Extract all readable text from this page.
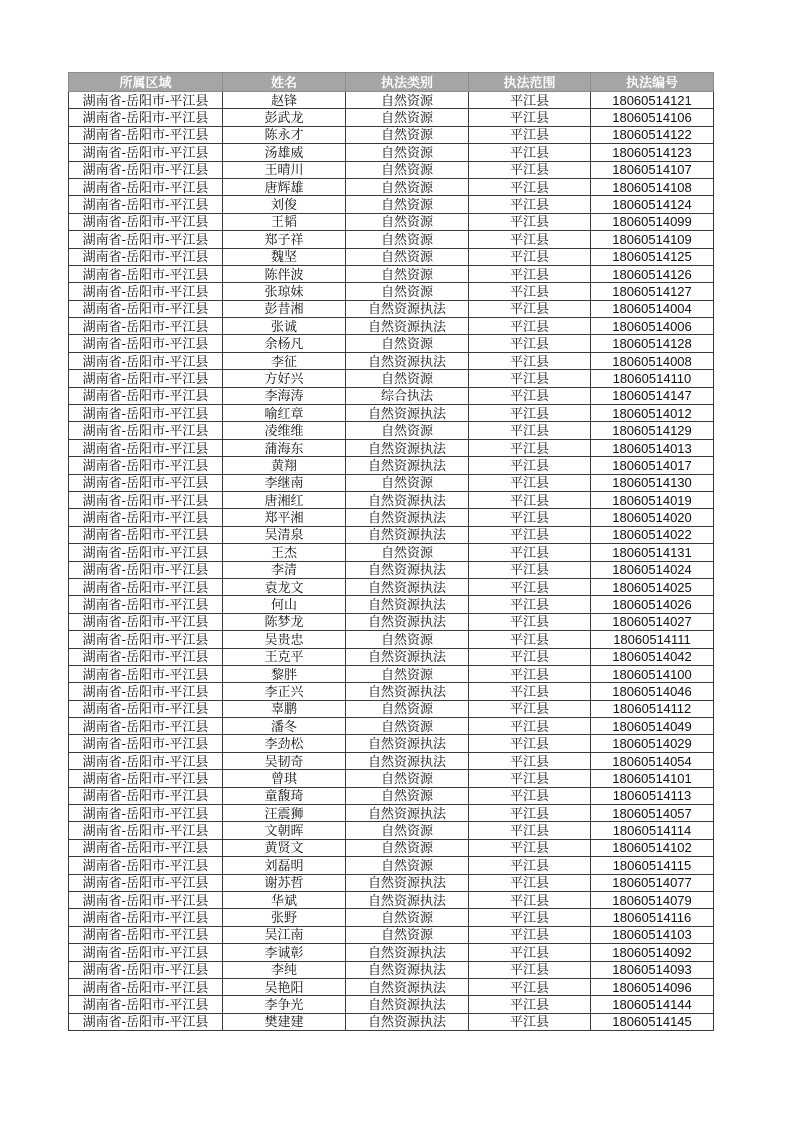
所属区域	姓名	执法类别	执法范围	执法编号
湖南省-岳阳市-平江县	赵锋	自然资源	平江县	18060514121
湖南省-岳阳市-平江县	彭武龙	自然资源	平江县	18060514106
湖南省-岳阳市-平江县	陈永才	自然资源	平江县	18060514122
湖南省-岳阳市-平江县	汤雄威	自然资源	平江县	18060514123
湖南省-岳阳市-平江县	王晴川	自然资源	平江县	18060514107
湖南省-岳阳市-平江县	唐辉雄	自然资源	平江县	18060514108
湖南省-岳阳市-平江县	刘俊	自然资源	平江县	18060514124
湖南省-岳阳市-平江县	王韬	自然资源	平江县	18060514099
湖南省-岳阳市-平江县	郑子祥	自然资源	平江县	18060514109
湖南省-岳阳市-平江县	魏坚	自然资源	平江县	18060514125
湖南省-岳阳市-平江县	陈伴波	自然资源	平江县	18060514126
湖南省-岳阳市-平江县	张琼妹	自然资源	平江县	18060514127
湖南省-岳阳市-平江县	彭昔湘	自然资源执法	平江县	18060514004
湖南省-岳阳市-平江县	张诚	自然资源执法	平江县	18060514006
湖南省-岳阳市-平江县	余杨凡	自然资源	平江县	18060514128
湖南省-岳阳市-平江县	李征	自然资源执法	平江县	18060514008
湖南省-岳阳市-平江县	方好兴	自然资源	平江县	18060514110
湖南省-岳阳市-平江县	李海涛	综合执法	平江县	18060514147
湖南省-岳阳市-平江县	喻红章	自然资源执法	平江县	18060514012
湖南省-岳阳市-平江县	凌维维	自然资源	平江县	18060514129
湖南省-岳阳市-平江县	蒲海东	自然资源执法	平江县	18060514013
湖南省-岳阳市-平江县	黄翔	自然资源执法	平江县	18060514017
湖南省-岳阳市-平江县	李继南	自然资源	平江县	18060514130
湖南省-岳阳市-平江县	唐湘红	自然资源执法	平江县	18060514019
湖南省-岳阳市-平江县	郑平湘	自然资源执法	平江县	18060514020
湖南省-岳阳市-平江县	吴清泉	自然资源执法	平江县	18060514022
湖南省-岳阳市-平江县	王杰	自然资源	平江县	18060514131
湖南省-岳阳市-平江县	李清	自然资源执法	平江县	18060514024
湖南省-岳阳市-平江县	袁龙文	自然资源执法	平江县	18060514025
湖南省-岳阳市-平江县	何山	自然资源执法	平江县	18060514026
湖南省-岳阳市-平江县	陈梦龙	自然资源执法	平江县	18060514027
湖南省-岳阳市-平江县	吴贵忠	自然资源	平江县	18060514111
湖南省-岳阳市-平江县	王克平	自然资源执法	平江县	18060514042
湖南省-岳阳市-平江县	黎胖	自然资源	平江县	18060514100
湖南省-岳阳市-平江县	李正兴	自然资源执法	平江县	18060514046
湖南省-岳阳市-平江县	辜鹏	自然资源	平江县	18060514112
湖南省-岳阳市-平江县	潘冬	自然资源	平江县	18060514049
湖南省-岳阳市-平江县	李劲松	自然资源执法	平江县	18060514029
湖南省-岳阳市-平江县	吴韧奇	自然资源执法	平江县	18060514054
湖南省-岳阳市-平江县	曾琪	自然资源	平江县	18060514101
湖南省-岳阳市-平江县	童馥琦	自然资源	平江县	18060514113
湖南省-岳阳市-平江县	汪震狮	自然资源执法	平江县	18060514057
湖南省-岳阳市-平江县	文朝晖	自然资源	平江县	18060514114
湖南省-岳阳市-平江县	黄贤文	自然资源	平江县	18060514102
湖南省-岳阳市-平江县	刘磊明	自然资源	平江县	18060514115
湖南省-岳阳市-平江县	谢苏哲	自然资源执法	平江县	18060514077
湖南省-岳阳市-平江县	华斌	自然资源执法	平江县	18060514079
湖南省-岳阳市-平江县	张野	自然资源	平江县	18060514116
湖南省-岳阳市-平江县	吴江南	自然资源	平江县	18060514103
湖南省-岳阳市-平江县	李诚彰	自然资源执法	平江县	18060514092
湖南省-岳阳市-平江县	李纯	自然资源执法	平江县	18060514093
湖南省-岳阳市-平江县	吴艳阳	自然资源执法	平江县	18060514096
湖南省-岳阳市-平江县	李争光	自然资源执法	平江县	18060514144
湖南省-岳阳市-平江县	樊建建	自然资源执法	平江县	18060514145
